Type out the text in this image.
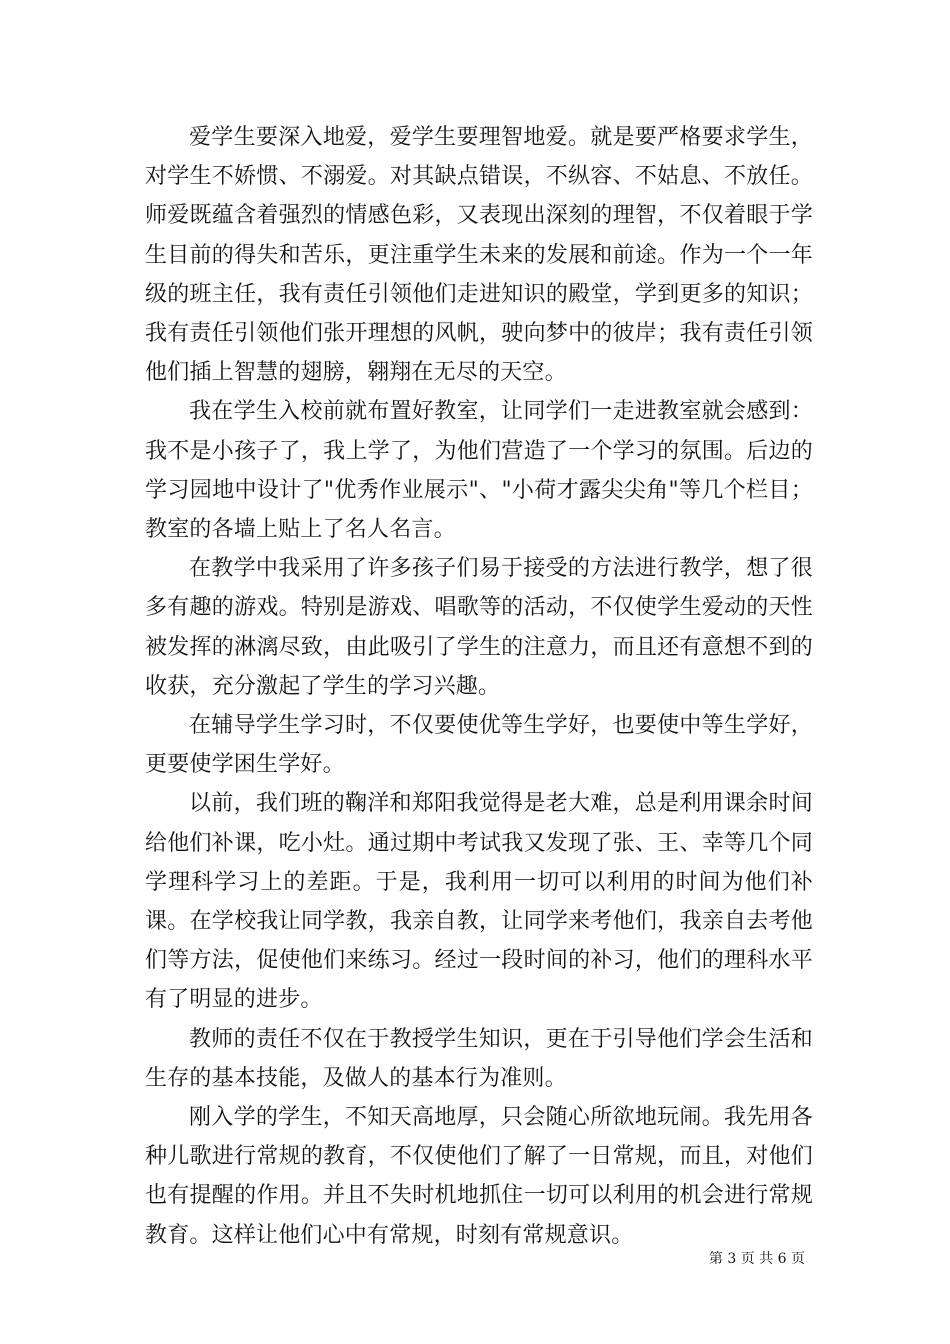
爱学生要深入地爱，爱学生要理智地爱。就是要严格要求学生，对学生不娇惯、不溺爱。对其缺点错误，不纵容、不姑息、不放任。师爱既蕴含着强烈的情感色彩，又表现出深刻的理智，不仅着眼于学生目前的得失和苦乐，更注重学生未来的发展和前途。作为一个一年级的班主任，我有责任引领他们走进知识的殿堂，学到更多的知识；我有责任引领他们张开理想的风帆，驶向梦中的彼岸；我有责任引领他们插上智慧的翅膀，翱翔在无尽的天空。

我在学生入校前就布置好教室，让同学们一走进教室就会感到：我不是小孩子了，我上学了，为他们营造了一个学习的氛围。后边的学习园地中设计了"优秀作业展示"、"小荷才露尖尖角"等几个栏目；教室的各墙上贴上了名人名言。

在教学中我采用了许多孩子们易于接受的方法进行教学，想了很多有趣的游戏。特别是游戏、唱歌等的活动，不仅使学生爱动的天性被发挥的淋漓尽致，由此吸引了学生的注意力，而且还有意想不到的收获，充分激起了学生的学习兴趣。

在辅导学生学习时，不仅要使优等生学好，也要使中等生学好，更要使学困生学好。

以前，我们班的鞠洋和郑阳我觉得是老大难，总是利用课余时间给他们补课，吃小灶。通过期中考试我又发现了张、王、幸等几个同学理科学习上的差距。于是，我利用一切可以利用的时间为他们补课。在学校我让同学教，我亲自教，让同学来考他们，我亲自去考他们等方法，促使他们来练习。经过一段时间的补习，他们的理科水平有了明显的进步。

教师的责任不仅在于教授学生知识，更在于引导他们学会生活和生存的基本技能，及做人的基本行为准则。

刚入学的学生，不知天高地厚，只会随心所欲地玩闹。我先用各种儿歌进行常规的教育，不仅使他们了解了一日常规，而且，对他们也有提醒的作用。并且不失时机地抓住一切可以利用的机会进行常规教育。这样让他们心中有常规，时刻有常规意识。

第 3 页 共 6 页
